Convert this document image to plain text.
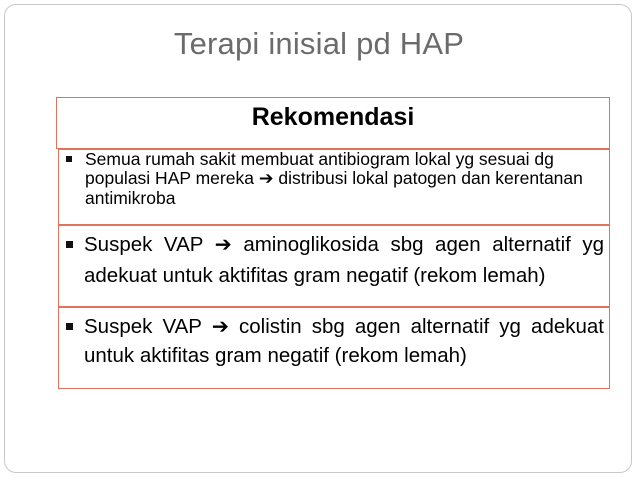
Terapi inisial pd HAP
Rekomendasi
Semua rumah sakit membuat antibiogram lokal yg sesuai dg populasi HAP mereka ➔ distribusi lokal patogen dan kerentanan antimikroba
Suspek VAP ➔ aminoglikosida sbg agen alternatif yg adekuat untuk aktifitas gram negatif (rekom lemah)
Suspek VAP ➔ colistin sbg agen alternatif yg adekuat untuk aktifitas gram negatif (rekom lemah)
